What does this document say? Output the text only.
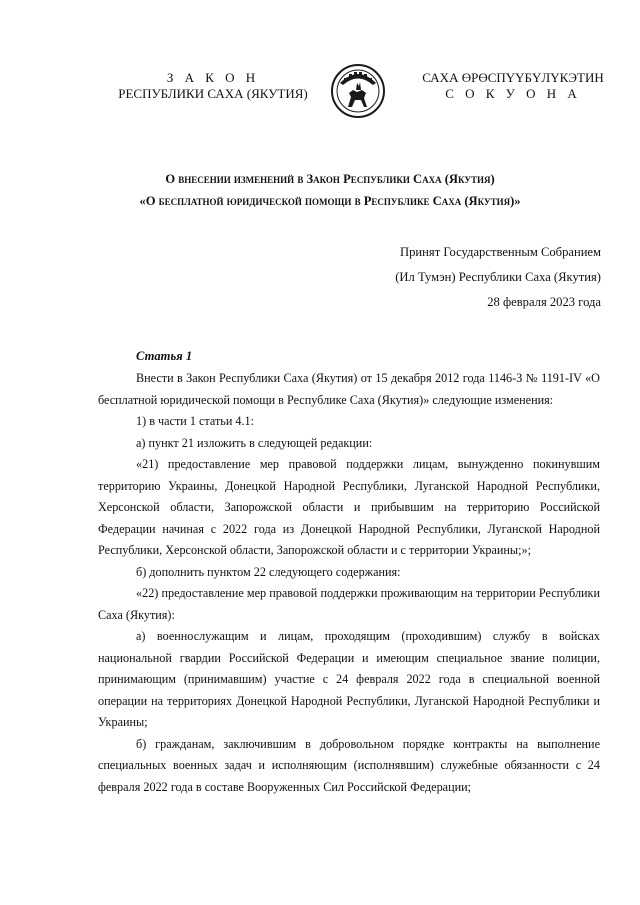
З А К О Н
РЕСПУБЛИКИ САХА (ЯКУТИЯ)
САХА ӨРӨСПҮҮБҮЛҮКЭТИН
С О К У О Н А
О внесении изменений в Закон Республики Саха (Якутия)
«О бесплатной юридической помощи в Республике Саха (Якутия)»
Принят Государственным Собранием
(Ил Тумэн) Республики Саха (Якутия)
28 февраля 2023 года
Статья 1

Внести в Закон Республики Саха (Якутия) от 15 декабря 2012 года 1146-З № 1191-IV «О бесплатной юридической помощи в Республике Саха (Якутия)» следующие изменения:

1) в части 1 статьи 4.1:

а) пункт 21 изложить в следующей редакции:

«21) предоставление мер правовой поддержки лицам, вынужденно покинувшим территорию Украины, Донецкой Народной Республики, Луганской Народной Республики, Херсонской области, Запорожской области и прибывшим на территорию Российской Федерации начиная с 2022 года из Донецкой Народной Республики, Луганской Народной Республики, Херсонской области, Запорожской области и с территории Украины;»;

б) дополнить пунктом 22 следующего содержания:

«22) предоставление мер правовой поддержки проживающим на территории Республики Саха (Якутия):

а) военнослужащим и лицам, проходящим (проходившим) службу в войсках национальной гвардии Российской Федерации и имеющим специальное звание полиции, принимающим (принимавшим) участие с 24 февраля 2022 года в специальной военной операции на территориях Донецкой Народной Республики, Луганской Народной Республики и Украины;

б) гражданам, заключившим в добровольном порядке контракты на выполнение специальных военных задач и исполняющим (исполнявшим) служебные обязанности с 24 февраля 2022 года в составе Вооруженных Сил Российской Федерации;
